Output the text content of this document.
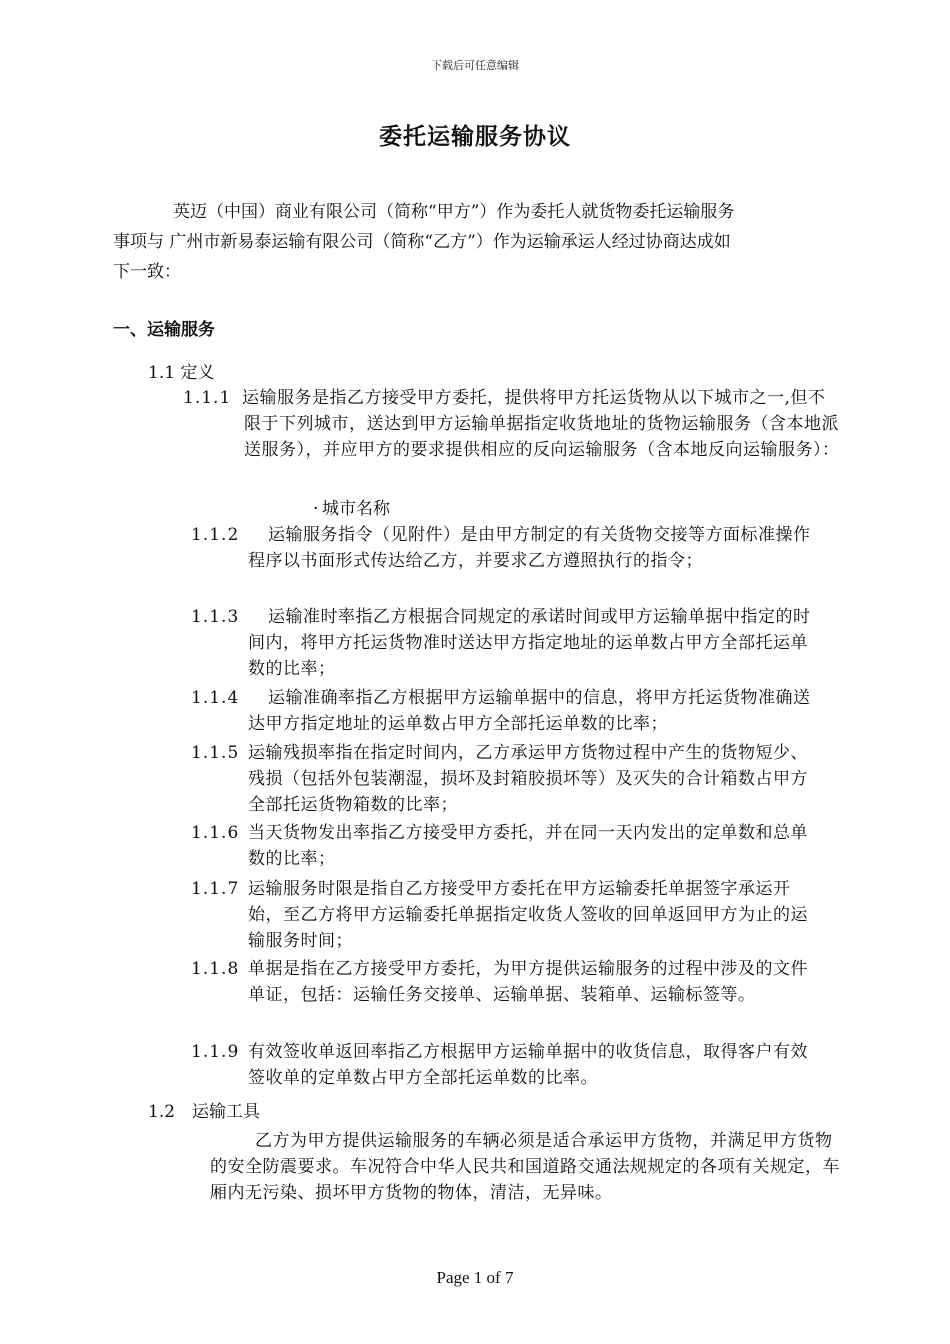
下载后可任意编辑
委托运输服务协议
英迈（中国）商业有限公司（简称“甲方”）作为委托人就货物委托运输服务
事项与 广州市新易泰运输有限公司（简称“乙方”）作为运输承运人经过协商达成如
下一致：
一、运输服务
1.1 定义
1.1.1 运输服务是指乙方接受甲方委托，提供将甲方托运货物从以下城市之一,但不限于下列城市，送达到甲方运输单据指定收货地址的货物运输服务（含本地派送服务），并应甲方的要求提供相应的反向运输服务（含本地反向运输服务）：
· 城市名称
1.1.2	运输服务指令（见附件）是由甲方制定的有关货物交接等方面标准操作程序以书面形式传达给乙方，并要求乙方遵照执行的指令；
1.1.3	运输准时率指乙方根据合同规定的承诺时间或甲方运输单据中指定的时间内，将甲方托运货物准时送达甲方指定地址的运单数占甲方全部托运单数的比率；
1.1.4	运输准确率指乙方根据甲方运输单据中的信息，将甲方托运货物准确送达甲方指定地址的运单数占甲方全部托运单数的比率；
1.1.5 运输残损率指在指定时间内，乙方承运甲方货物过程中产生的货物短少、残损（包括外包装潮湿，损坏及封箱胶损坏等）及灭失的合计箱数占甲方全部托运货物箱数的比率；
1.1.6 当天货物发出率指乙方接受甲方委托，并在同一天内发出的定单数和总单数的比率；
1.1.7 运输服务时限是指自乙方接受甲方委托在甲方运输委托单据签字承运开始，至乙方将甲方运输委托单据指定收货人签收的回单返回甲方为止的运输服务时间；
1.1.8 单据是指在乙方接受甲方委托，为甲方提供运输服务的过程中涉及的文件单证，包括：运输任务交接单、运输单据、装箱单、运输标签等。
1.1.9 有效签收单返回率指乙方根据甲方运输单据中的收货信息，取得客户有效签收单的定单数占甲方全部托运单数的比率。
1.2　运输工具
乙方为甲方提供运输服务的车辆必须是适合承运甲方货物，并满足甲方货物的安全防震要求。车况符合中华人民共和国道路交通法规规定的各项有关规定，车厢内无污染、损坏甲方货物的物体，清洁，无异味。
Page 1 of 7
